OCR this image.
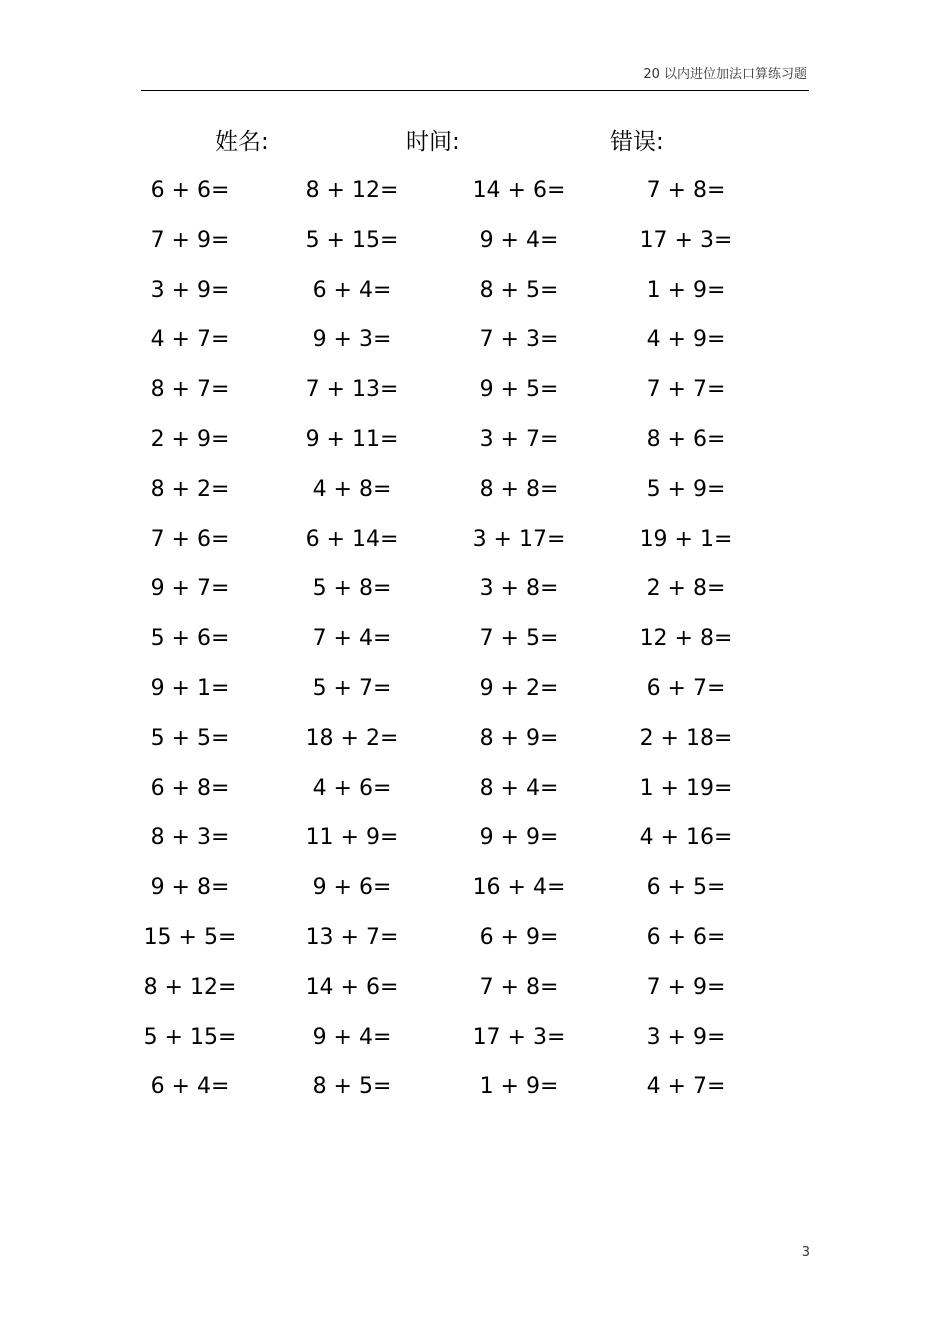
20 以内进位加法口算练习题
姓名:	时间:	错误:
6 + 6=	8 + 12=	14 + 6=	7 + 8=
7 + 9=	5 + 15=	9 + 4=	17 + 3=
3 + 9=	6 + 4=	8 + 5=	1 + 9=
4 + 7=	9 + 3=	7 + 3=	4 + 9=
8 + 7=	7 + 13=	9 + 5=	7 + 7=
2 + 9=	9 + 11=	3 + 7=	8 + 6=
8 + 2=	4 + 8=	8 + 8=	5 + 9=
7 + 6=	6 + 14=	3 + 17=	19 + 1=
9 + 7=	5 + 8=	3 + 8=	2 + 8=
5 + 6=	7 + 4=	7 + 5=	12 + 8=
9 + 1=	5 + 7=	9 + 2=	6 + 7=
5 + 5=	18 + 2=	8 + 9=	2 + 18=
6 + 8=	4 + 6=	8 + 4=	1 + 19=
8 + 3=	11 + 9=	9 + 9=	4 + 16=
9 + 8=	9 + 6=	16 + 4=	6 + 5=
15 + 5=	13 + 7=	6 + 9=	6 + 6=
8 + 12=	14 + 6=	7 + 8=	7 + 9=
5 + 15=	9 + 4=	17 + 3=	3 + 9=
6 + 4=	8 + 5=	1 + 9=	4 + 7=
3
